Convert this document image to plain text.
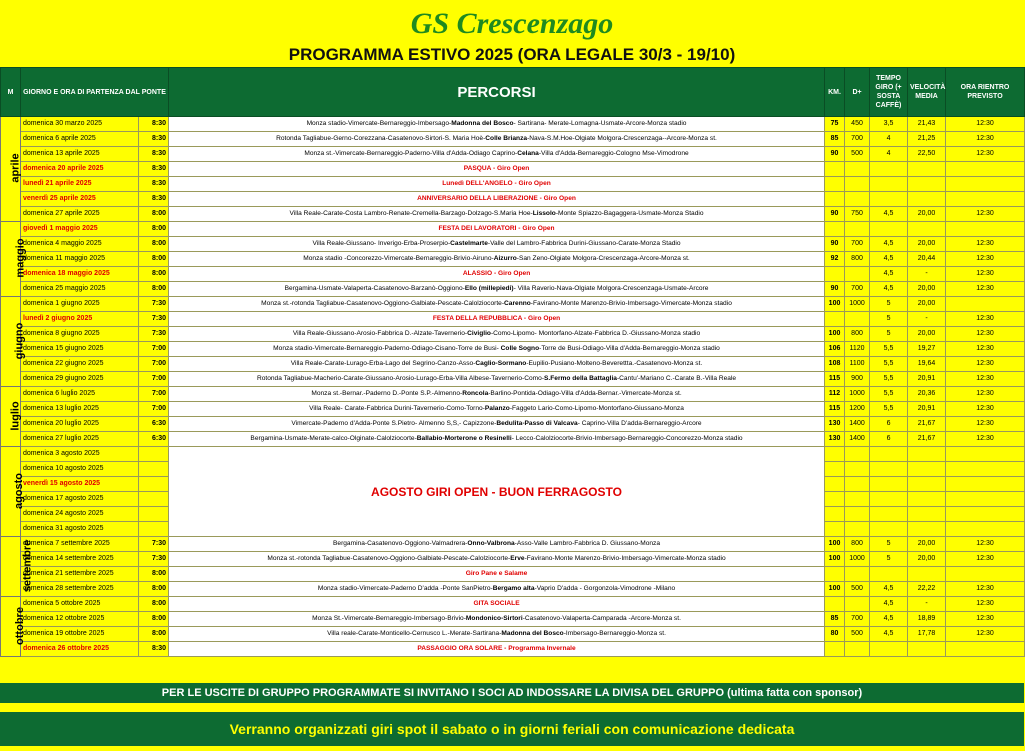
GS Crescenzago
PROGRAMMA ESTIVO 2025 (ORA LEGALE 30/3 - 19/10)
M	GIORNO E ORA DI PARTENZA DAL PONTE		PERCORSI	KM.	D+	TEMPO GIRO (+ SOSTA CAFFÈ)	VELOCITÀ MEDIA	ORA RIENTRO PREVISTO
aprile	domenica 30 marzo 2025	8:30	Monza stadio-Vimercate-Bernareggio-Imbersago-Madonna del Bosco- Sartirana- Merate-Lomagna-Usmate-Arcore-Monza stadio	75	450	3,5	21,43	12:30
	domenica 6 aprile 2025	8:30	Rotonda Tagliabue-Gerno-Corezzana-Casatenovo-Sirtori-S. Maria Hoè-Colle Brianza-Nava-S.M.Hoe-Olgiate Molgora-Crescenzaga--Arcore-Monza st.	85	700	4	21,25	12:30
	domenica 13 aprile 2025	8:30	Monza st.-Vimercate-Bernareggio-Paderno-Villa d'Adda-Odiago Caprino-Celana-Villa d'Adda-Bernareggio-Cologno Mse-Vimodrone	90	500	4	22,50	12:30
	domenica 20 aprile 2025	8:30	PASQUA - Giro Open					
	lunedì 21 aprile 2025	8:30	Lunedì DELL'ANGELO - Giro Open					
	venerdì 25 aprile 2025	8:30	ANNIVERSARIO DELLA LIBERAZIONE - Giro Open					
	domenica 27 aprile 2025	8:00	Villa Reale-Carate-Costa Lambro-Renate-Cremella-Barzago-Dolzago-S.Maria Hoe-Lissolo-Monte Spiazzo-Bagaggera-Usmate-Monza Stadio	90	750	4,5	20,00	12:30
maggio	giovedì 1 maggio 2025	8:00	FESTA DEI LAVORATORI - Giro Open					
	domenica 4 maggio 2025	8:00	Villa Reale-Giussano- Inverigo-Erba-Proserpio-Castelmarte-Valle del Lambro-Fabbrica Durini-Giussano-Carate-Monza Stadio	90	700	4,5	20,00	12:30
	domenica 11 maggio 2025	8:00	Monza stadio -Concorezzo-Vimercate-Bernareggio-Brivio-Airuno-Aizurro-San Zeno-Olgiate Molgora-Crescenzaga-Arcore-Monza st.	92	800	4,5	20,44	12:30
	domenica 18 maggio 2025	8:00	ALASSIO - Giro Open			4,5	-	12:30
	domenica 25 maggio 2025	8:00	Bergamina-Usmate-Valaperta-Casatenovo-Barzanò-Oggiono-Ello (millepiedi)- Villa Raverio-Nava-Olgiate Molgora-Crescenzaga-Usmate-Arcore	90	700	4,5	20,00	12:30
giugno	domenica 1 giugno 2025	7:30	Monza st.-rotonda Tagliabue-Casatenovo-Oggiono-Galbiate-Pescate-Calolziocorte-Carenno-Favirano-Monte Marenzo-Brivio-Imbersago-Vimercate-Monza stadio	100	1000	5	20,00	
	lunedì 2 giugno 2025	7:30	FESTA DELLA REPUBBLICA - Giro Open			5	-	12:30
	domenica 8 giugno 2025	7:30	Villa Reale-Giussano-Arosio-Fabbrica D.-Alzate-Tavernerio-Civiglio-Como-Lipomo- Montorfano-Alzate-Fabbrica D.-Giussano-Monza stadio	100	800	5	20,00	12:30
	domenica 15 giugno 2025	7:00	Monza stadio-Vimercate-Bernareggio-Paderno-Odiago-Cisano-Torre de Busi- Colle Sogno-Torre de Busi-Odiago-Villa d'Adda-Bernareggio-Monza stadio	106	1120	5,5	19,27	12:30
	domenica 22 giugno 2025	7:00	Villa Reale-Carate-Lurago-Erba-Lago del Segrino-Canzo-Asso-Caglio-Sormano-Eupilio-Pusiano-Molteno-Beverettta.-Casatenovo-Monza st.	108	1100	5,5	19,64	12:30
	domenica 29 giugno 2025	7:00	Rotonda Tagliabue-Macherio-Carate-Giussano-Arosio-Lurago-Erba-Villa Albese-Tavernerio-Como-S.Fermo della Battaglia-Cantu'-Mariano C.-Carate B.-Villa Reale	115	900	5,5	20,91	12:30
luglio	domenica 6 luglio 2025	7:00	Monza st.-Bernar.-Paderno D.-Ponte S.P.-Almenno-Roncola-Barlino-Pontida-Odiago-Villa d'Adda-Bernar.-Vimercate-Monza st.	112	1000	5,5	20,36	12:30
	domenica 13 luglio 2025	7:00	Villa Reale- Carate-Fabbrica Durini-Tavernerio-Como-Torno-Palanzo-Faggeto Lario-Como-Lipomo-Montorfano-Giussano-Monza	115	1200	5,5	20,91	12:30
	domenica 20 luglio 2025	6:30	Vimercate-Paderno d'Adda-Ponte S.Pietro- Almenno S,S,- Capizzone-Bedulita-Passo di Valcava- Caprino-Villa D'adda-Bernareggio-Arcore	130	1400	6	21,67	12:30
	domenica 27 luglio 2025	6:30	Bergamina-Usmate-Merate-calco-Olginate-Calolziocorte-Ballabio-Morterone o Resinelli- Lecco-Calolziocorte-Brivio-Imbersago-Bernareggio-Concorezzo-Monza stadio	130	1400	6	21,67	12:30
agosto	domenica 3 agosto 2025		AGOSTO GIRI OPEN - BUON FERRAGOSTO					
	domenica 10 agosto 2025							
	venerdì 15 agosto 2025							
	domenica 17 agosto 2025							
	domenica 24 agosto 2025							
	domenica 31 agosto 2025							
settembre	domenica 7 settembre 2025	7:30	Bergamina-Casatenovo-Oggiono-Valmadrera-Onno-Valbrona-Asso-Valle Lambro-Fabbrica D. Giussano-Monza	100	800	5	20,00	12:30
	domenica 14 settembre 2025	7:30	Monza st.-rotonda Tagliabue-Casatenovo-Oggiono-Galbiate-Pescate-Calolziocorte-Erve-Favirano-Monte Marenzo-Brivio-Imbersago-Vimercate-Monza stadio	100	1000	5	20,00	12:30
	domenica 21 settembre 2025	8:00	Giro Pane e Salame					
	domenica 28 settembre 2025	8:00	Monza stadio-Vimercate-Paderno D'adda -Ponte SanPietro-Bergamo alta-Vaprio D'adda - Gorgonzola-Vimodrone -Milano	100	500	4,5	22,22	12:30
ottobre	domenica 5 ottobre 2025	8:00	GITA SOCIALE			4,5	-	12:30
	domenica 12 ottobre 2025	8:00	Monza St.-Vimercate-Bernareggio-Imbersago-Brivio-Mondonico-Sirtori-Casatenovo-Valaperta-Camparada -Arcore-Monza st.	85	700	4,5	18,89	12:30
	domenica 19 ottobre 2025	8:00	Villa reale-Carate-Monticello-Cernusco L.-Merate-Sartirana-Madonna del Bosco-Imbersago-Bernareggio-Monza st.	80	500	4,5	17,78	12:30
	domenica 26 ottobre 2025	8:30	PASSAGGIO ORA SOLARE - Programma Invernale					
PER LE USCITE DI GRUPPO PROGRAMMATE SI INVITANO I SOCI AD INDOSSARE LA DIVISA DEL GRUPPO (ultima fatta con sponsor)
Verranno organizzati giri spot il sabato o in giorni feriali con comunicazione dedicata
